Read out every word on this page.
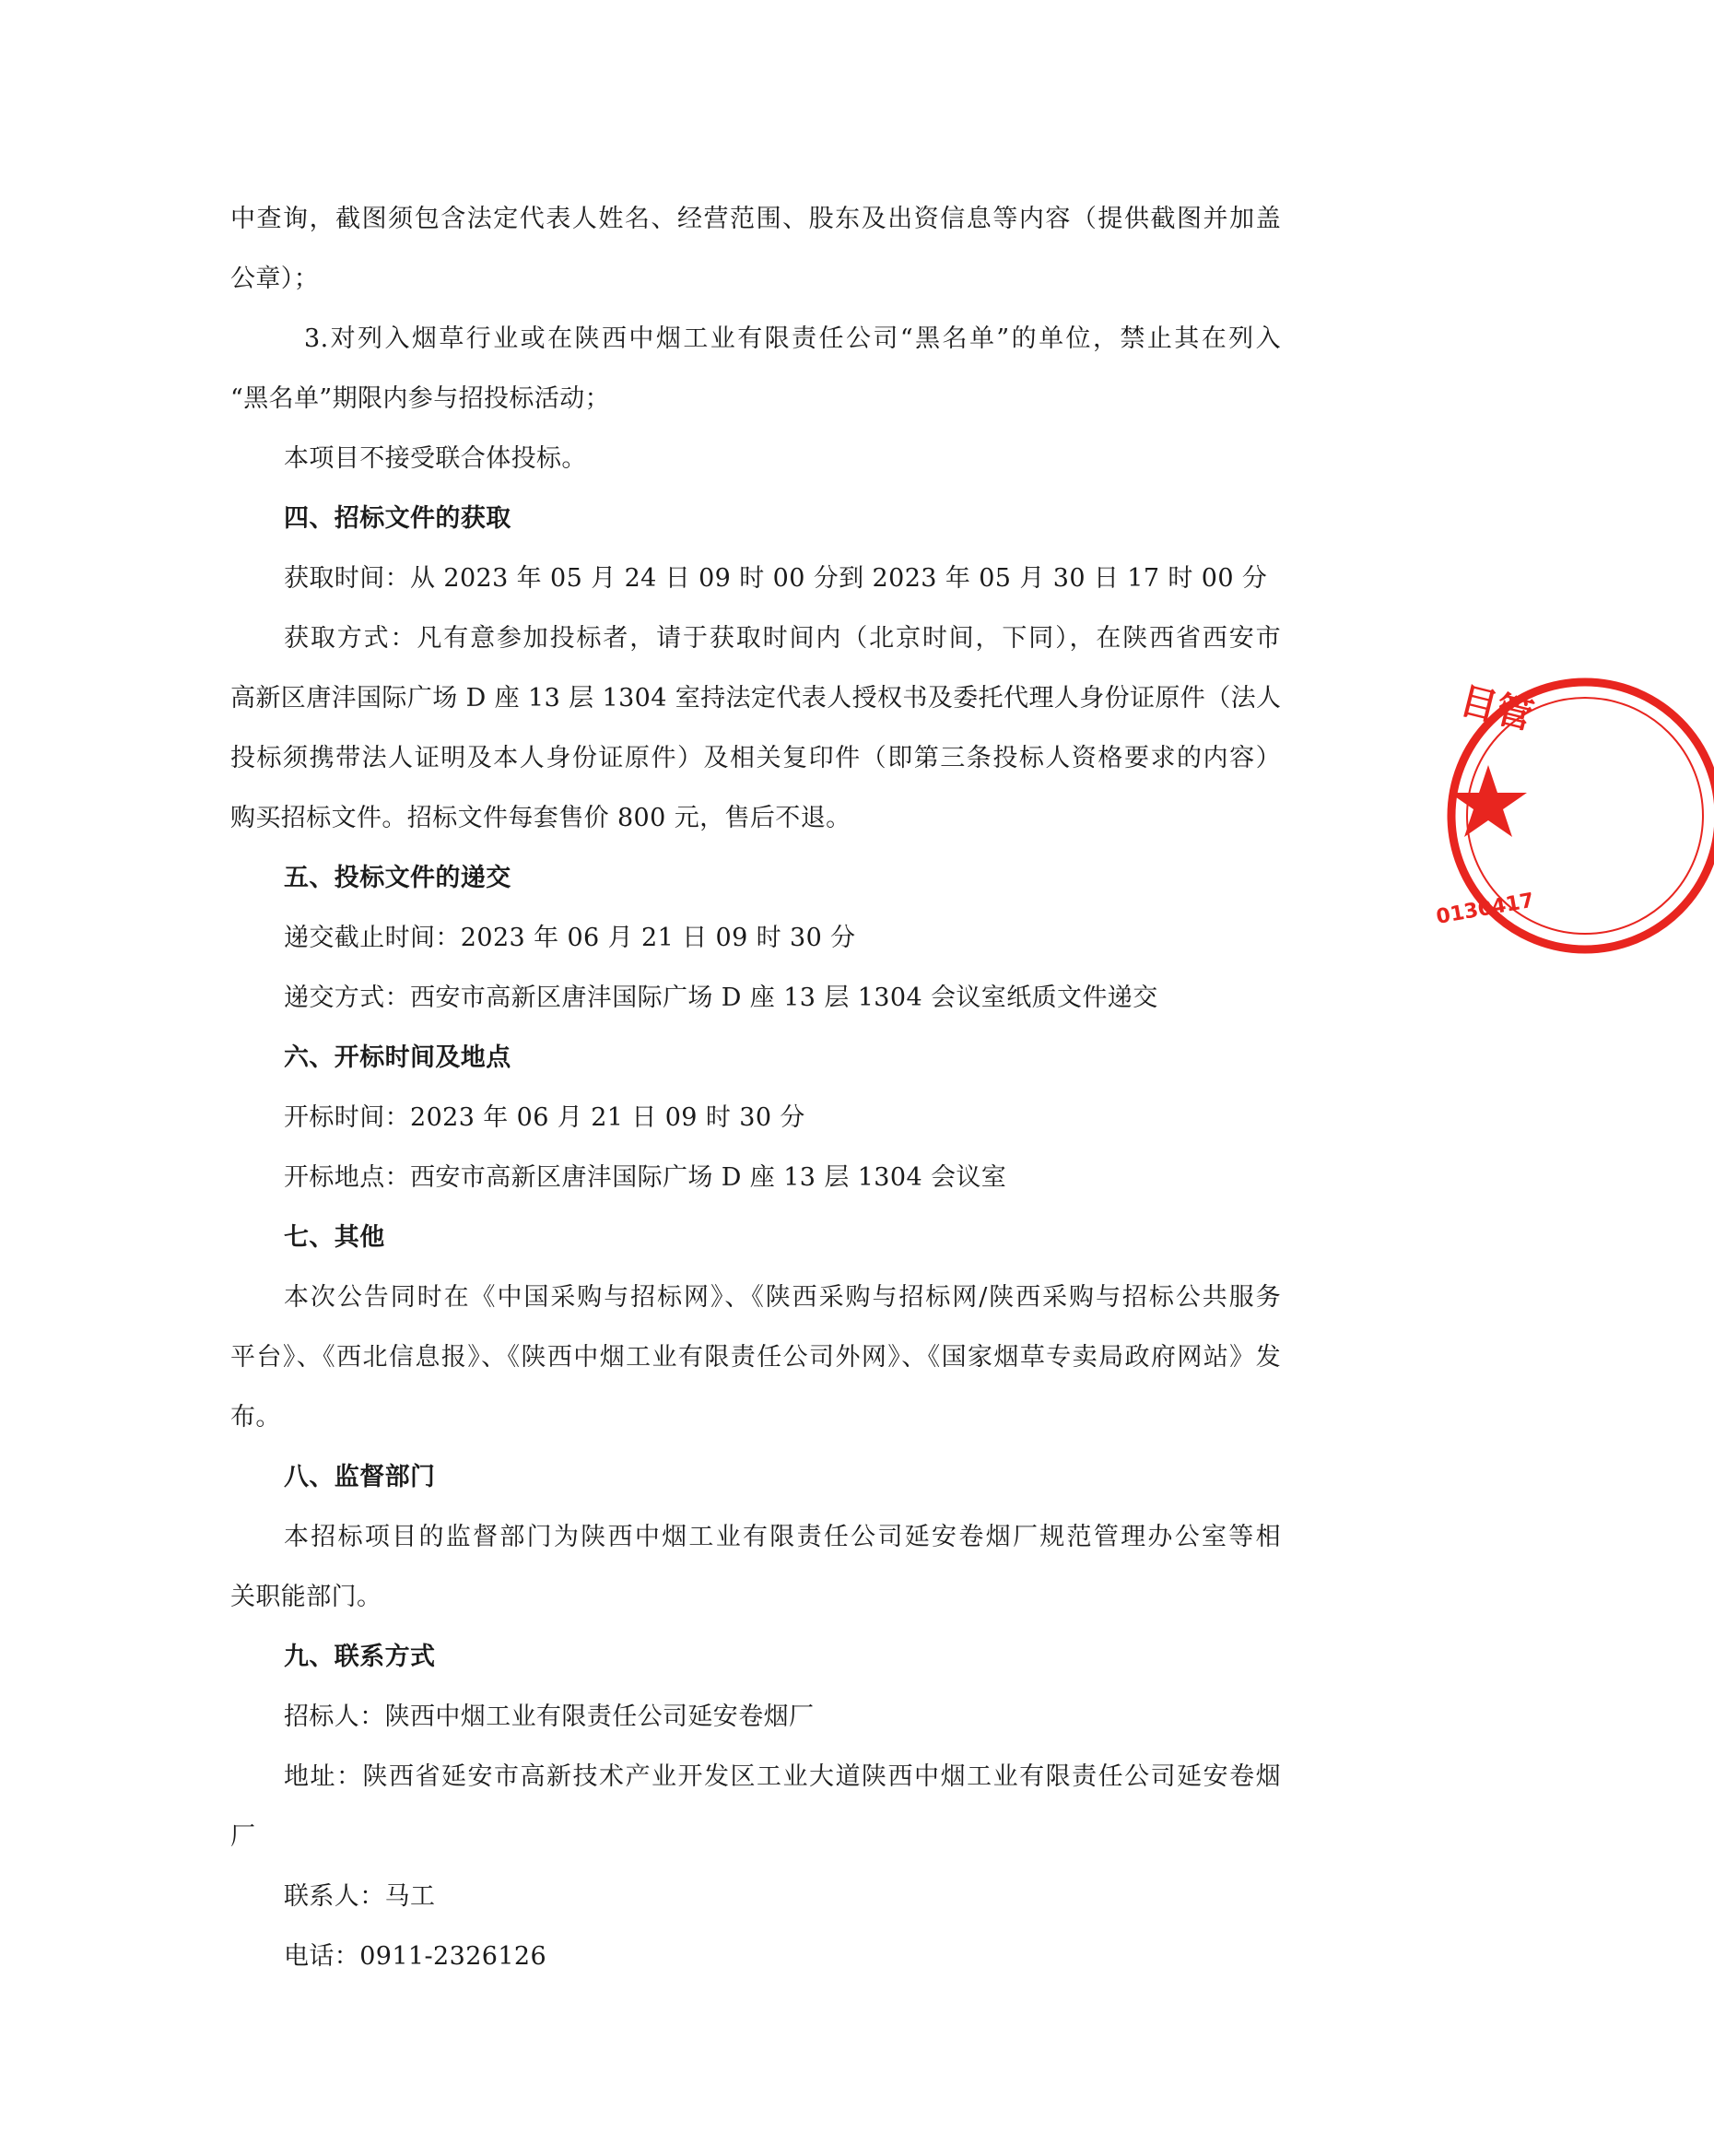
中查询，截图须包含法定代表人姓名、经营范围、股东及出资信息等内容（提供截图并加盖
公章）；
3.对列入烟草行业或在陕西中烟工业有限责任公司“黑名单”的单位，禁止其在列入
“黑名单”期限内参与招投标活动；
本项目不接受联合体投标。
四、招标文件的获取
获取时间：从 2023 年 05 月 24 日 09 时 00 分到 2023 年 05 月 30 日 17 时 00 分
获取方式：凡有意参加投标者，请于获取时间内（北京时间，下同），在陕西省西安市
高新区唐沣国际广场 D 座 13 层 1304 室持法定代表人授权书及委托代理人身份证原件（法人
投标须携带法人证明及本人身份证原件）及相关复印件（即第三条投标人资格要求的内容）
购买招标文件。招标文件每套售价 800 元，售后不退。
五、投标文件的递交
递交截止时间：2023 年 06 月 21 日 09 时 30 分
递交方式：西安市高新区唐沣国际广场 D 座 13 层 1304 会议室纸质文件递交
六、开标时间及地点
开标时间：2023 年 06 月 21 日 09 时 30 分
开标地点：西安市高新区唐沣国际广场 D 座 13 层 1304 会议室
七、其他
本次公告同时在《中国采购与招标网》、《陕西采购与招标网/陕西采购与招标公共服务
平台》、《西北信息报》、《陕西中烟工业有限责任公司外网》、《国家烟草专卖局政府网站》发
布。
八、监督部门
本招标项目的监督部门为陕西中烟工业有限责任公司延安卷烟厂规范管理办公室等相
关职能部门。
九、联系方式
招标人：陕西中烟工业有限责任公司延安卷烟厂
地址：陕西省延安市高新技术产业开发区工业大道陕西中烟工业有限责任公司延安卷烟
厂
联系人：马工
电话：0911-2326126
目管
0130417
